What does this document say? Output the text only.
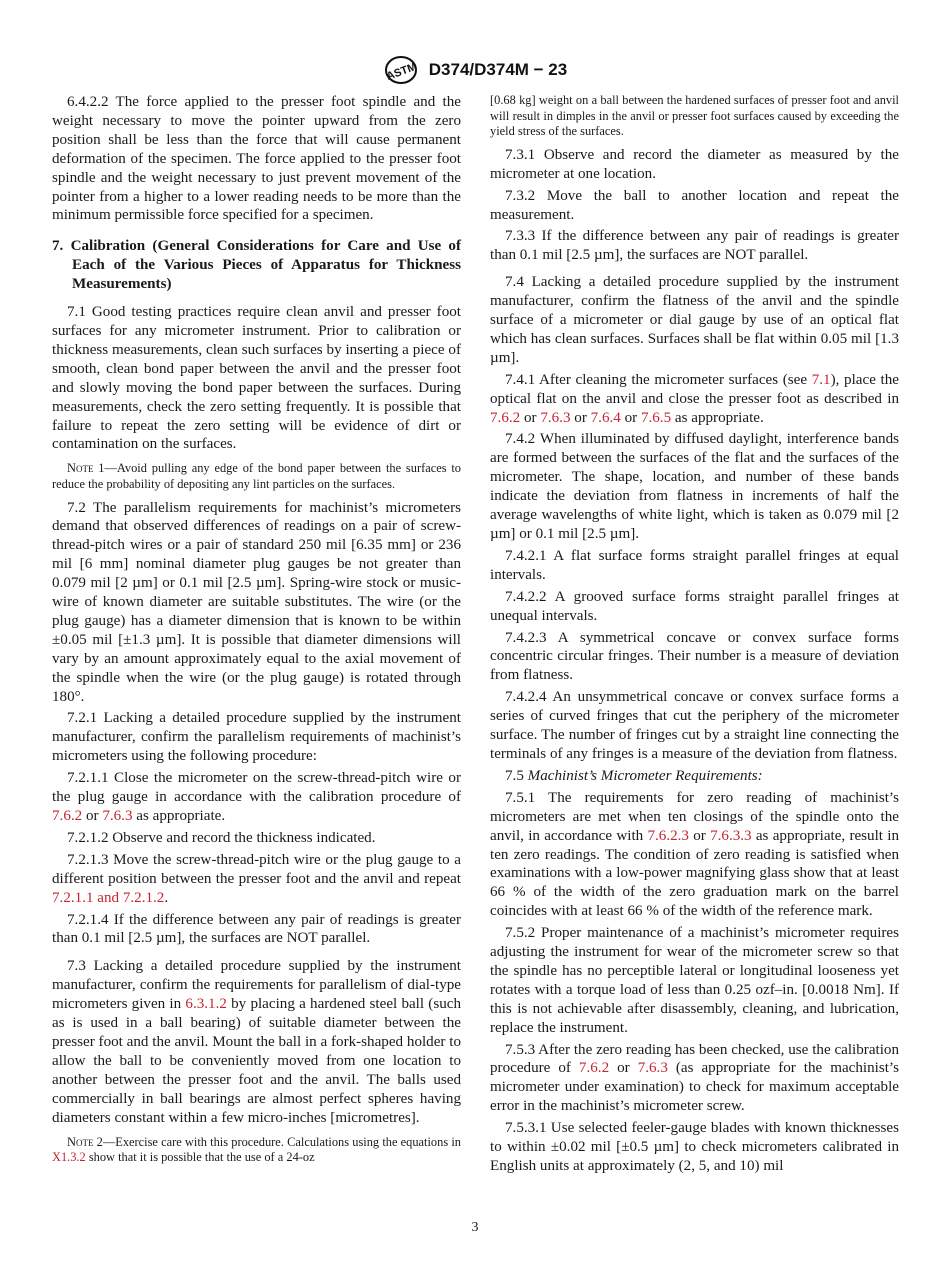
ASTM D374/D374M − 23

6.4.2.2 The force applied to the presser foot spindle and the weight necessary to move the pointer upward from the zero position shall be less than the force that will cause permanent deformation of the specimen. The force applied to the presser foot spindle and the weight necessary to just prevent movement of the pointer from a higher to a lower reading needs to be more than the minimum permissible force specified for a specimen.

7. Calibration (General Considerations for Care and Use of Each of the Various Pieces of Apparatus for Thickness Measurements)

7.1 Good testing practices require clean anvil and presser foot surfaces for any micrometer instrument. Prior to calibration or thickness measurements, clean such surfaces by inserting a piece of smooth, clean bond paper between the anvil and the presser foot and slowly moving the bond paper between the surfaces. During measurements, check the zero setting frequently. It is possible that failure to repeat the zero setting will be evidence of dirt or contamination on the surfaces.

Note 1—Avoid pulling any edge of the bond paper between the surfaces to reduce the probability of depositing any lint particles on the surfaces.

7.2 The parallelism requirements for machinist’s micrometers demand that observed differences of readings on a pair of screw-thread-pitch wires or a pair of standard 250 mil [6.35 mm] or 236 mil [6 mm] nominal diameter plug gauges be not greater than 0.079 mil [2 µm] or 0.1 mil [2.5 µm]. Spring-wire stock or music-wire of known diameter are suitable substitutes. The wire (or the plug gauge) has a diameter dimension that is known to be within ±0.05 mil [±1.3 µm]. It is possible that diameter dimensions will vary by an amount approximately equal to the axial movement of the spindle when the wire (or the plug gauge) is rotated through 180°.

7.2.1 Lacking a detailed procedure supplied by the instrument manufacturer, confirm the parallelism requirements of machinist’s micrometers using the following procedure:

7.2.1.1 Close the micrometer on the screw-thread-pitch wire or the plug gauge in accordance with the calibration procedure of 7.6.2 or 7.6.3 as appropriate.

7.2.1.2 Observe and record the thickness indicated.

7.2.1.3 Move the screw-thread-pitch wire or the plug gauge to a different position between the presser foot and the anvil and repeat 7.2.1.1 and 7.2.1.2.

7.2.1.4 If the difference between any pair of readings is greater than 0.1 mil [2.5 µm], the surfaces are NOT parallel.

7.3 Lacking a detailed procedure supplied by the instrument manufacturer, confirm the requirements for parallelism of dial-type micrometers given in 6.3.1.2 by placing a hardened steel ball (such as is used in a ball bearing) of suitable diameter between the presser foot and the anvil. Mount the ball in a fork-shaped holder to allow the ball to be conveniently moved from one location to another between the presser foot and the anvil. The balls used commercially in ball bearings are almost perfect spheres having diameters constant within a few micro-inches [micrometres].

Note 2—Exercise care with this procedure. Calculations using the equations in X1.3.2 show that it is possible that the use of a 24-oz

[0.68 kg] weight on a ball between the hardened surfaces of presser foot and anvil will result in dimples in the anvil or presser foot surfaces caused by exceeding the yield stress of the surfaces.

7.3.1 Observe and record the diameter as measured by the micrometer at one location.

7.3.2 Move the ball to another location and repeat the measurement.

7.3.3 If the difference between any pair of readings is greater than 0.1 mil [2.5 µm], the surfaces are NOT parallel.

7.4 Lacking a detailed procedure supplied by the instrument manufacturer, confirm the flatness of the anvil and the spindle surface of a micrometer or dial gauge by use of an optical flat which has clean surfaces. Surfaces shall be flat within 0.05 mil [1.3 µm].

7.4.1 After cleaning the micrometer surfaces (see 7.1), place the optical flat on the anvil and close the presser foot as described in 7.6.2 or 7.6.3 or 7.6.4 or 7.6.5 as appropriate.

7.4.2 When illuminated by diffused daylight, interference bands are formed between the surfaces of the flat and the surfaces of the micrometer. The shape, location, and number of these bands indicate the deviation from flatness in increments of half the average wavelengths of white light, which is taken as 0.079 mil [2 µm] or 0.1 mil [2.5 µm].

7.4.2.1 A flat surface forms straight parallel fringes at equal intervals.

7.4.2.2 A grooved surface forms straight parallel fringes at unequal intervals.

7.4.2.3 A symmetrical concave or convex surface forms concentric circular fringes. Their number is a measure of deviation from flatness.

7.4.2.4 An unsymmetrical concave or convex surface forms a series of curved fringes that cut the periphery of the micrometer surface. The number of fringes cut by a straight line connecting the terminals of any fringes is a measure of the deviation from flatness.

7.5 Machinist’s Micrometer Requirements:

7.5.1 The requirements for zero reading of machinist’s micrometers are met when ten closings of the spindle onto the anvil, in accordance with 7.6.2.3 or 7.6.3.3 as appropriate, result in ten zero readings. The condition of zero reading is satisfied when examinations with a low-power magnifying glass show that at least 66 % of the width of the zero graduation mark on the barrel coincides with at least 66 % of the width of the reference mark.

7.5.2 Proper maintenance of a machinist’s micrometer requires adjusting the instrument for wear of the micrometer screw so that the spindle has no perceptible lateral or longitudinal looseness yet rotates with a torque load of less than 0.25 ozf–in. [0.0018 Nm]. If this is not achievable after disassembly, cleaning, and lubrication, replace the instrument.

7.5.3 After the zero reading has been checked, use the calibration procedure of 7.6.2 or 7.6.3 (as appropriate for the machinist’s micrometer under examination) to check for maximum acceptable error in the machinist’s micrometer screw.

7.5.3.1 Use selected feeler-gauge blades with known thicknesses to within ±0.02 mil [±0.5 µm] to check micrometers calibrated in English units at approximately (2, 5, and 10) mil

3
